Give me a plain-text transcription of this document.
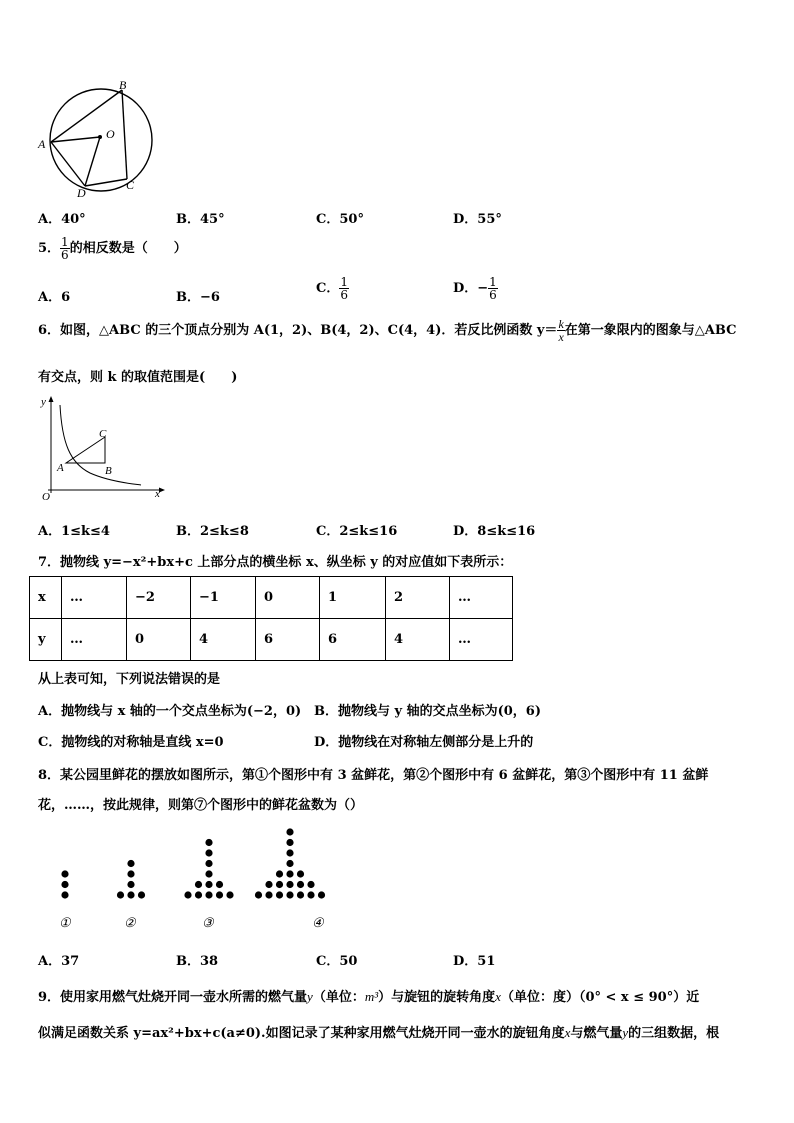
B
A
O
D
C
A．40°	B．45°	C．50°	D．55°
5． $\frac{1}{6}$ 的相反数是（　　）
A．6	B．−6
C． $\frac{1}{6}$	D．− $\frac{1}{6}$
6．如图，△ABC 的三个顶点分别为 A(1，2)、B(4，2)、C(4，4)．若反比例函数 $y= \frac{k}{x}$ 在第一象限内的图象与△ABC
有交点，则 k 的取值范围是(　　)
y
x
O
A	B
C
A．1≤k≤4	B．2≤k≤8	C．2≤k≤16	D．8≤k≤16
7．抛物线 y=−x²+bx+c 上部分点的横坐标 x、纵坐标 y 的对应值如下表所示：
x	…	−2	−1	0	1	2	…
y	…	0	4	6	6	4	…
从上表可知，下列说法错误的是
A．抛物线与 x 轴的一个交点坐标为(−2，0) B．抛物线与 y 轴的交点坐标为(0，6)
C．抛物线的对称轴是直线 x=0	D．抛物线在对称轴左侧部分是上升的
8．某公园里鲜花的摆放如图所示，第①个图形中有 3 盆鲜花，第②个图形中有 6 盆鲜花，第③个图形中有 11 盆鲜
花，……，按此规律，则第⑦个图形中的鲜花盆数为（）
①	②	③	④
A．37	B．38	C．50	D．51
9．使用家用燃气灶烧开同一壶水所需的燃气量y（单位：m³）与旋钮的旋转角度x（单位：度）（0° < x ≤ 90°）近
似满足函数关系 y=ax²+bx+c(a≠0).如图记录了某种家用燃气灶烧开同一壶水的旋钮角度x与燃气量y的三组数据，根
